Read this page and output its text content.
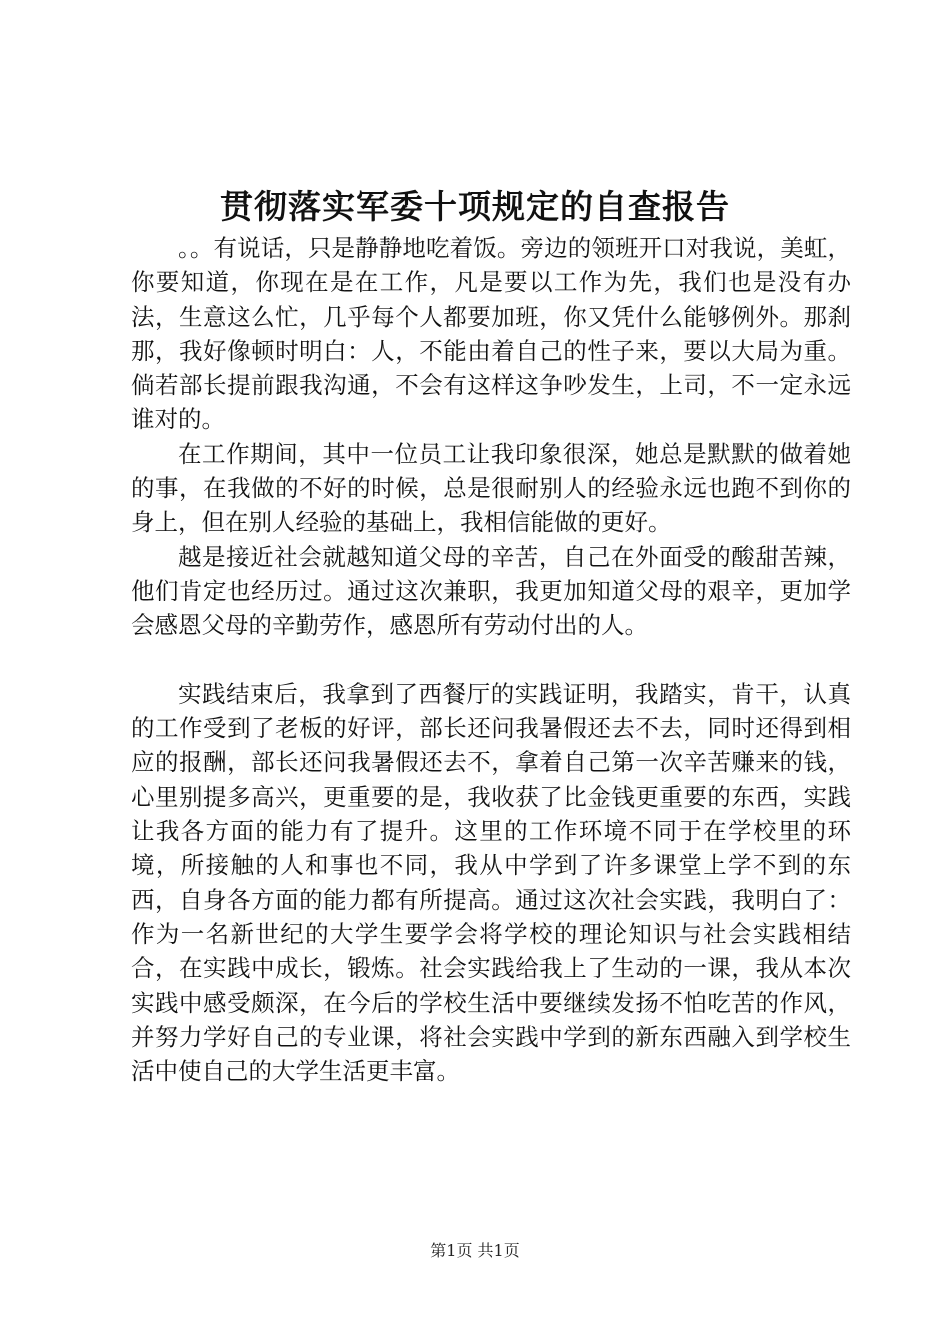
贯彻落实军委十项规定的自查报告

。。有说话，只是静静地吃着饭。旁边的领班开口对我说，美虹，你要知道，你现在是在工作，凡是要以工作为先，我们也是没有办法，生意这么忙，几乎每个人都要加班，你又凭什么能够例外。那刹那，我好像顿时明白：人，不能由着自己的性子来，要以大局为重。倘若部长提前跟我沟通，不会有这样这争吵发生，上司，不一定永远谁对的。

在工作期间，其中一位员工让我印象很深，她总是默默的做着她的事，在我做的不好的时候，总是很耐别人的经验永远也跑不到你的身上，但在别人经验的基础上，我相信能做的更好。

越是接近社会就越知道父母的辛苦，自己在外面受的酸甜苦辣，他们肯定也经历过。通过这次兼职，我更加知道父母的艰辛，更加学会感恩父母的辛勤劳作，感恩所有劳动付出的人。

实践结束后，我拿到了西餐厅的实践证明，我踏实，肯干，认真的工作受到了老板的好评，部长还问我暑假还去不去，同时还得到相应的报酬，部长还问我暑假还去不，拿着自己第一次辛苦赚来的钱，心里别提多高兴，更重要的是，我收获了比金钱更重要的东西，实践让我各方面的能力有了提升。这里的工作环境不同于在学校里的环境，所接触的人和事也不同，我从中学到了许多课堂上学不到的东西，自身各方面的能力都有所提高。通过这次社会实践，我明白了：作为一名新世纪的大学生要学会将学校的理论知识与社会实践相结合，在实践中成长，锻炼。社会实践给我上了生动的一课，我从本次实践中感受颇深，在今后的学校生活中要继续发扬不怕吃苦的作风，并努力学好自己的专业课，将社会实践中学到的新东西融入到学校生活中使自己的大学生活更丰富。

第1页 共1页
